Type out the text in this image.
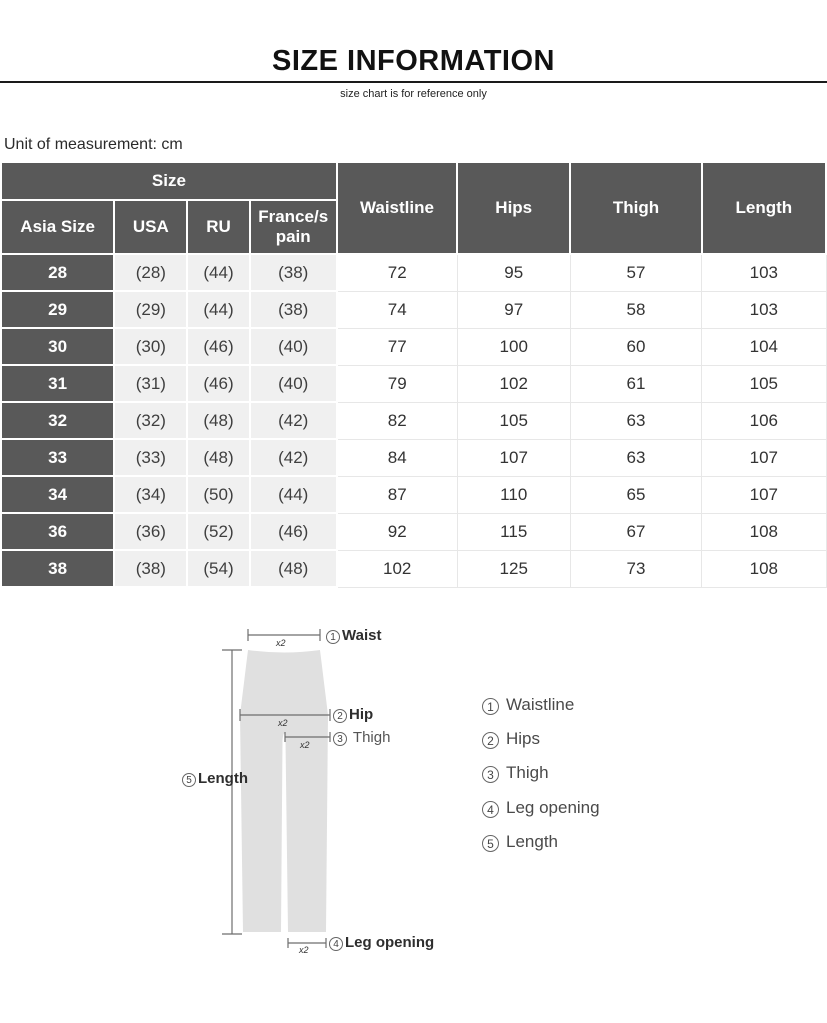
SIZE INFORMATION
size chart is for reference only
Unit of measurement: cm
Size				Waistline	Hips	Thigh	Length
Asia Size	USA	RU	France/s pain				
28	(28)	(44)	(38)	72	95	57	103
29	(29)	(44)	(38)	74	97	58	103
30	(30)	(46)	(40)	77	100	60	104
31	(31)	(46)	(40)	79	102	61	105
32	(32)	(48)	(42)	82	105	63	106
33	(33)	(48)	(42)	84	107	63	107
34	(34)	(50)	(44)	87	110	65	107
36	(36)	(52)	(46)	92	115	67	108
38	(38)	(54)	(48)	102	125	73	108
x2
x2
x2
x2
1 Waist
2 Hip
3 Thigh
5 Length
4 Leg opening
1 Waistline
2 Hips
3 Thigh
4 Leg opening
5 Length
